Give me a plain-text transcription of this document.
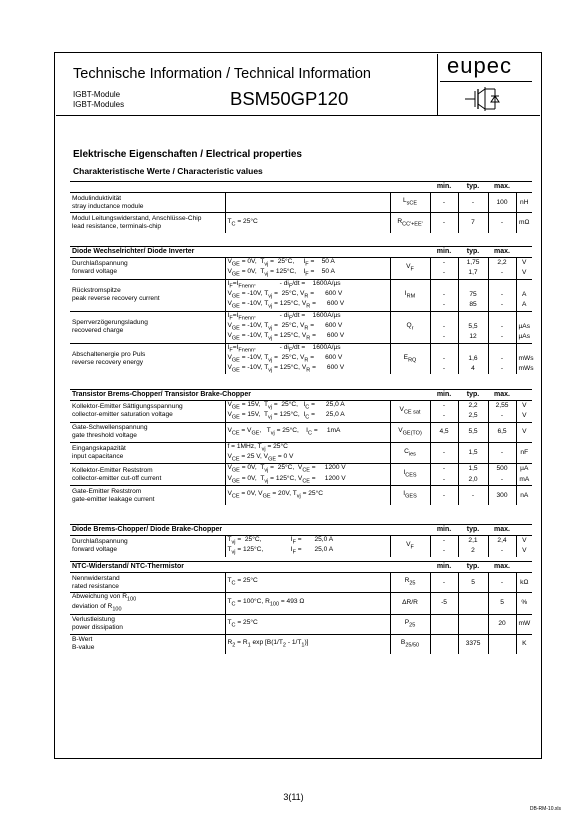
Technische Information / Technical Information
IGBT-Module
IGBT-Modules	BSM50GP120
eupec
Elektrische Eigenschaften / Electrical properties
Charakteristische Werte / Characteristic values
			min.	typ.	max.	

Modulinduktivität
stray inductance module		$L_{sCE}$	-	-	100	nH

Modul Leitungswiderstand, Anschlüsse-Chip
lead resistance, terminals-chip	$T_C = 25^\circ C$	$R_{CC'+EE'}$	-	7	-	mΩ

Diode Wechselrichter/ Diode Inverter			min.	typ.	max.	

Durchlaßspannung
forward voltage	$V_{GE} = 0V$,  $T_{vj} = 25^\circ C$,     $I_F$ =    50 A	$V_F$	-	1,75	2,2	V
	$V_{GE} = 0V$,  $T_{vj} = 125^\circ C$,    $I_F$ =    50 A		-	1,7	-	V

Rückstromspitze
peak reverse recovery current	$I_F=I_{Fnenn}$,             - $di_F/dt$ =    1600A/µs	$I_{RM}$				
	$V_{GE} = -10V$, $T_{vj} = 25^\circ C$, $V_R$ =      600 V		-	75	-	A
	$V_{GE} = -10V$, $T_{vj} = 125^\circ C$, $V_R$ =      600 V		-	85	-	A

Sperrverzögerungsladung
recovered charge	$I_F=I_{Fnenn}$,             - $di_F/dt$ =    1600A/µs	$Q_r$				
	$V_{GE} = -10V$, $T_{vj} = 25^\circ C$, $V_R$ =      600 V		-	5,5	-	µAs
	$V_{GE} = -10V$, $T_{vj} = 125^\circ C$, $V_R$ =      600 V		-	12	-	µAs

Abschaltenergie pro Puls
reverse recovery energy	$I_F=I_{Fnenn}$,             - $di_F/dt$ =    1600A/µs	$E_{RQ}$				
	$V_{GE} = -10V$, $T_{vj} = 25^\circ C$, $V_R$ =      600 V		-	1,6	-	mWs
	$V_{GE} = -10V$, $T_{vj} = 125^\circ C$, $V_R$ =      600 V		-	4	-	mWs
Transistor Brems-Chopper/ Transistor Brake-Chopper			min.	typ.	max.	

Kollektor-Emitter Sättigungsspannung
collector-emitter saturation voltage	$V_{GE} = 15V$,  $T_{vj} = 25^\circ C$,   $I_C$ =      25,0 A	$V_{CE sat}$	-	2,2	2,55	V
	$V_{GE} = 15V$,  $T_{vj} = 125^\circ C$,  $I_C$ =      25,0 A		-	2,5	-	V

Gate-Schwellenspannung
gate threshold voltage	$V_{CE} = V_{GE}$,   $T_{vj} = 25^\circ C$,    $I_C$ =     1mA	$V_{GE(TO)}$	4,5	5,5	6,5	V

Eingangskapazität
input capacitance	f = 1MHz, $T_{vj} = 25^\circ C$	$C_{ies}$	-	1,5	-	nF
	$V_{CE} = 25$ V, $V_{GE} = 0$ V					

Kollektor-Emitter Reststrom
collector-emitter cut-off current	$V_{GE} = 0V$,  $T_{vj} = 25^\circ C$,  $V_{CE}$ =     1200 V	$I_{CES}$	-	1,5	500	µA
	$V_{GE} = 0V$,  $T_{vj} = 125^\circ C$, $V_{CE}$ =     1200 V		-	2,0	-	mA

Gate-Emitter Reststrom
gate-emitter leakage current	$V_{CE} = 0V$, $V_{GE} = 20V$, $T_{vj} = 25^\circ C$	$I_{GES}$	-	-	300	nA

Diode Brems-Chopper/ Diode Brake-Chopper			min.	typ.	max.	

Durchlaßspannung
forward voltage	$T_{vj} = 25^\circ C$,                $I_F$ =       25,0 A	$V_F$	-	2,1	2,4	V
	$T_{vj} = 125^\circ C$,               $I_F$ =       25,0 A		-	2	-	V
NTC-Widerstand/ NTC-Thermistor			min.	typ.	max.	

Nennwiderstand
rated resistance	$T_C = 25^\circ C$	$R_{25}$	-	5	-	kΩ

Abweichung von $R_{100}$
deviation of $R_{100}$	$T_C = 100^\circ C$, $R_{100} = 493$ Ω	ΔR/R	-5		5	%

Verlustleistung
power dissipation	$T_C = 25^\circ C$	$P_{25}$			20	mW

B-Wert
B-value	$R_2 = R_1$ $\exp [B(1/T_2 - 1/T_1)]$	$B_{25/50}$		3375		K

3(11)
DB-RM-10.xls
